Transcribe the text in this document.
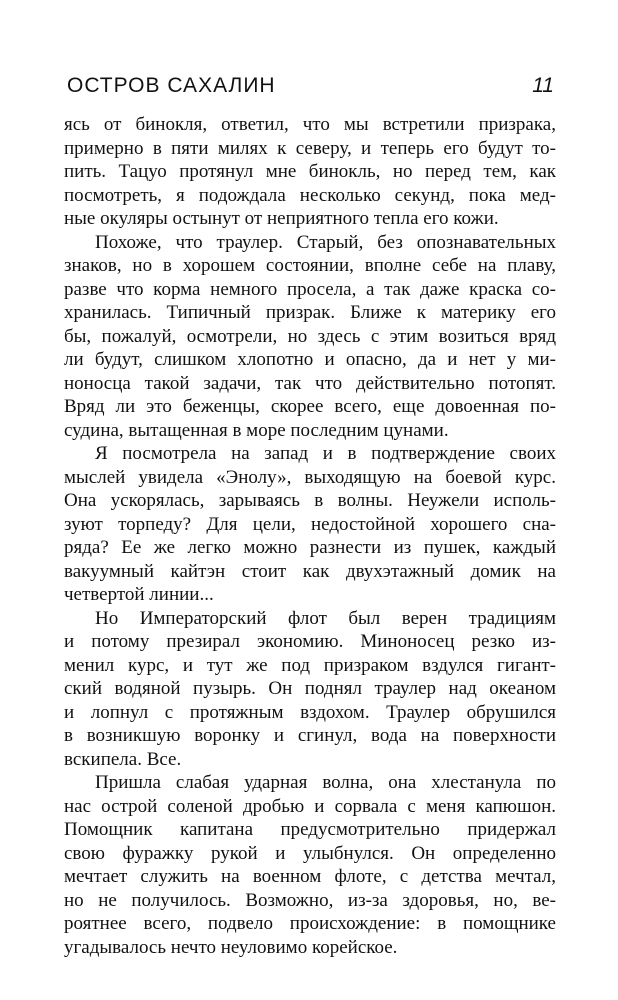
ОСТРОВ САХАЛИН	11
ясь от бинокля, ответил, что мы встретили призрака,
примерно в пяти милях к северу, и теперь его будут то-
пить. Тацуо протянул мне бинокль, но перед тем, как
посмотреть, я подождала несколько секунд, пока мед-
ные окуляры остынут от неприятного тепла его кожи.
Похоже, что траулер. Старый, без опознавательных
знаков, но в хорошем состоянии, вполне себе на плаву,
разве что корма немного просела, а так даже краска со-
хранилась. Типичный призрак. Ближе к материку его
бы, пожалуй, осмотрели, но здесь с этим возиться вряд
ли будут, слишком хлопотно и опасно, да и нет у ми-
ноносца такой задачи, так что действительно потопят.
Вряд ли это беженцы, скорее всего, еще довоенная по-
судина, вытащенная в море последним цунами.
Я посмотрела на запад и в подтверждение своих
мыслей увидела «Энолу», выходящую на боевой курс.
Она ускорялась, зарываясь в волны. Неужели исполь-
зуют торпеду? Для цели, недостойной хорошего сна-
ряда? Ее же легко можно разнести из пушек, каждый
вакуумный кайтэн стоит как двухэтажный домик на
четвертой линии...
Но Императорский флот был верен традициям
и потому презирал экономию. Миноносец резко из-
менил курс, и тут же под призраком вздулся гигант-
ский водяной пузырь. Он поднял траулер над океаном
и лопнул с протяжным вздохом. Траулер обрушился
в возникшую воронку и сгинул, вода на поверхности
вскипела. Все.
Пришла слабая ударная волна, она хлестанула по
нас острой соленой дробью и сорвала с меня капюшон.
Помощник капитана предусмотрительно придержал
свою фуражку рукой и улыбнулся. Он определенно
мечтает служить на военном флоте, с детства мечтал,
но не получилось. Возможно, из-за здоровья, но, ве-
роятнее всего, подвело происхождение: в помощнике
угадывалось нечто неуловимо корейское.
